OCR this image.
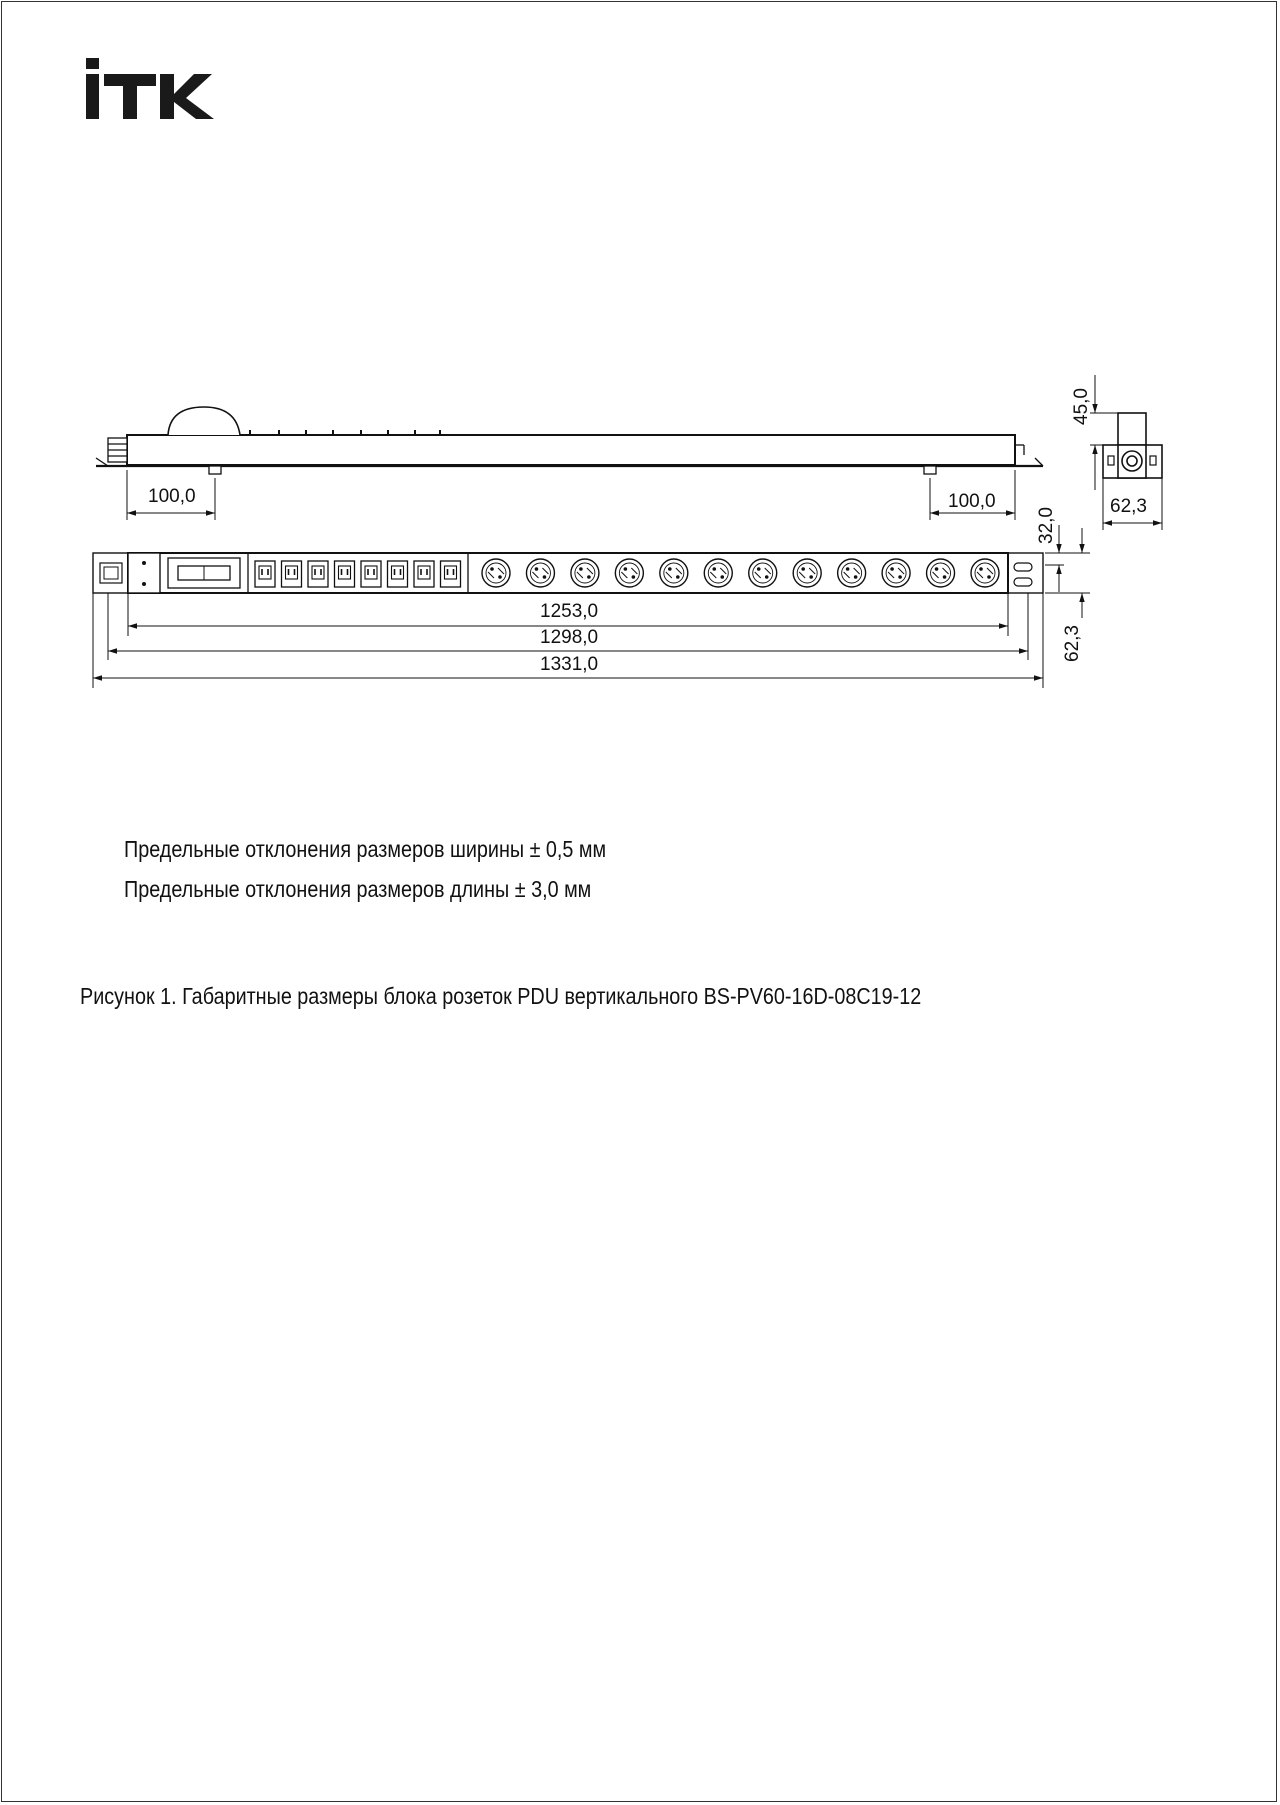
100,0	100,0
45,0
62,3
32,0
62,3
1253,0
1298,0
1331,0
Предельные отклонения размеров ширины ± 0,5 мм
Предельные отклонения размеров длины ± 3,0 мм
Рисунок 1. Габаритные размеры блока розеток PDU вертикального BS-PV60-16D-08C19-12
